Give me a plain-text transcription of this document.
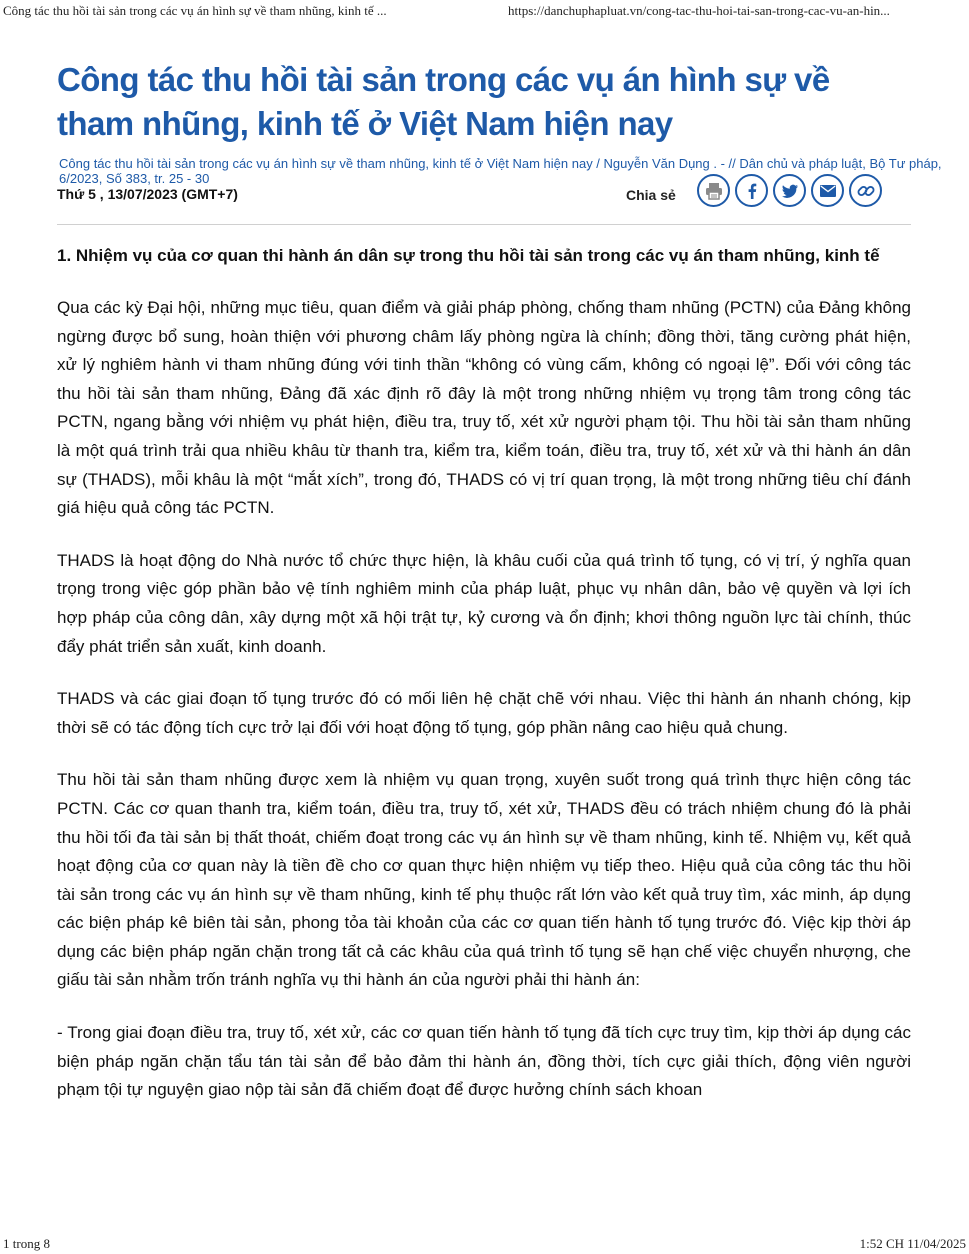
Công tác thu hồi tài sản trong các vụ án hình sự về tham nhũng, kinh tế ...	https://danchuphapluat.vn/cong-tac-thu-hoi-tai-san-trong-cac-vu-an-hin...
Công tác thu hồi tài sản trong các vụ án hình sự về tham nhũng, kinh tế ở Việt Nam hiện nay
Công tác thu hồi tài sản trong các vụ án hình sự về tham nhũng, kinh tế ở Việt Nam hiện nay / Nguyễn Văn Dụng . - // Dân chủ và pháp luật, Bộ Tư pháp, 6/2023, Số 383, tr. 25 - 30
Thứ 5 , 13/07/2023 (GMT+7)	Chia sẻ
1. Nhiệm vụ của cơ quan thi hành án dân sự trong thu hồi tài sản trong các vụ án tham nhũng, kinh tế

Qua các kỳ Đại hội, những mục tiêu, quan điểm và giải pháp phòng, chống tham nhũng (PCTN) của Đảng không ngừng được bổ sung, hoàn thiện với phương châm lấy phòng ngừa là chính; đồng thời, tăng cường phát hiện, xử lý nghiêm hành vi tham nhũng đúng với tinh thần “không có vùng cấm, không có ngoại lệ”. Đối với công tác thu hồi tài sản tham nhũng, Đảng đã xác định rõ đây là một trong những nhiệm vụ trọng tâm trong công tác PCTN, ngang bằng với nhiệm vụ phát hiện, điều tra, truy tố, xét xử người phạm tội. Thu hồi tài sản tham nhũng là một quá trình trải qua nhiều khâu từ thanh tra, kiểm tra, kiểm toán, điều tra, truy tố, xét xử và thi hành án dân sự (THADS), mỗi khâu là một “mắt xích”, trong đó, THADS có vị trí quan trọng, là một trong những tiêu chí đánh giá hiệu quả công tác PCTN.

THADS là hoạt động do Nhà nước tổ chức thực hiện, là khâu cuối của quá trình tố tụng, có vị trí, ý nghĩa quan trọng trong việc góp phần bảo vệ tính nghiêm minh của pháp luật, phục vụ nhân dân, bảo vệ quyền và lợi ích hợp pháp của công dân, xây dựng một xã hội trật tự, kỷ cương và ổn định; khơi thông nguồn lực tài chính, thúc đẩy phát triển sản xuất, kinh doanh.

THADS và các giai đoạn tố tụng trước đó có mối liên hệ chặt chẽ với nhau. Việc thi hành án nhanh chóng, kịp thời sẽ có tác động tích cực trở lại đối với hoạt động tố tụng, góp phần nâng cao hiệu quả chung.

Thu hồi tài sản tham nhũng được xem là nhiệm vụ quan trọng, xuyên suốt trong quá trình thực hiện công tác PCTN. Các cơ quan thanh tra, kiểm toán, điều tra, truy tố, xét xử, THADS đều có trách nhiệm chung đó là phải thu hồi tối đa tài sản bị thất thoát, chiếm đoạt trong các vụ án hình sự về tham nhũng, kinh tế. Nhiệm vụ, kết quả hoạt động của cơ quan này là tiền đề cho cơ quan thực hiện nhiệm vụ tiếp theo. Hiệu quả của công tác thu hồi tài sản trong các vụ án hình sự về tham nhũng, kinh tế phụ thuộc rất lớn vào kết quả truy tìm, xác minh, áp dụng các biện pháp kê biên tài sản, phong tỏa tài khoản của các cơ quan tiến hành tố tụng trước đó. Việc kịp thời áp dụng các biện pháp ngăn chặn trong tất cả các khâu của quá trình tố tụng sẽ hạn chế việc chuyển nhượng, che giấu tài sản nhằm trốn tránh nghĩa vụ thi hành án của người phải thi hành án:

- Trong giai đoạn điều tra, truy tố, xét xử, các cơ quan tiến hành tố tụng đã tích cực truy tìm, kịp thời áp dụng các biện pháp ngăn chặn tẩu tán tài sản để bảo đảm thi hành án, đồng thời, tích cực giải thích, động viên người phạm tội tự nguyện giao nộp tài sản đã chiếm đoạt để được hưởng chính sách khoan

1 trong 8	1:52 CH 11/04/2025
